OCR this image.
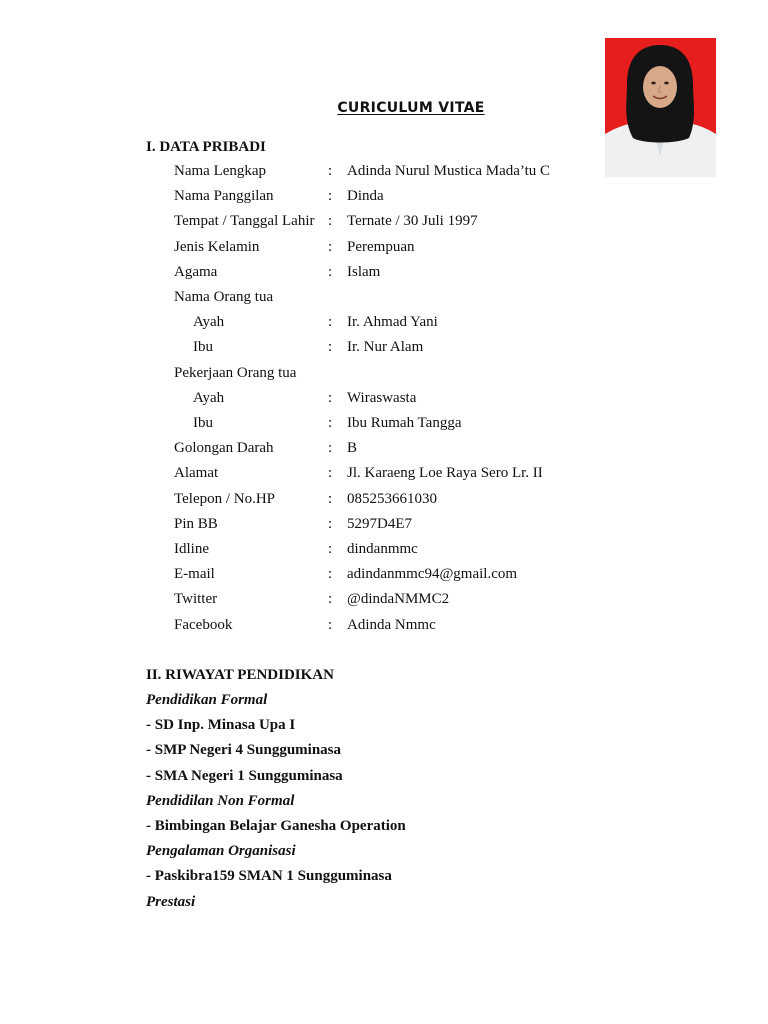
CURICULUM VITAE
I. DATA PRIBADI
Nama Lengkap	: Adinda Nurul Mustica Mada’tu C
Nama Panggilan	: Dinda
Tempat / Tanggal Lahir : Ternate / 30 Juli 1997
Jenis Kelamin	: Perempuan
Agama	: Islam
Nama Orang tua
Ayah	: Ir. Ahmad Yani
Ibu	: Ir. Nur Alam
Pekerjaan Orang tua
Ayah	: Wiraswasta
Ibu	: Ibu Rumah Tangga
Golongan Darah	: B
Alamat	: Jl. Karaeng Loe Raya Sero Lr. II
Telepon / No.HP	: 085253661030
Pin BB	: 5297D4E7
Idline	: dindanmmc
E-mail	: adindanmmc94@gmail.com
Twitter	: @dindaNMMC2
Facebook	: Adinda Nmmc
II. RIWAYAT PENDIDIKAN
Pendidikan Formal
- SD Inp. Minasa Upa I
- SMP Negeri 4 Sungguminasa
- SMA Negeri 1 Sungguminasa
Pendidilan Non Formal
- Bimbingan Belajar Ganesha Operation
Pengalaman Organisasi
- Paskibra159 SMAN 1 Sungguminasa
Prestasi
